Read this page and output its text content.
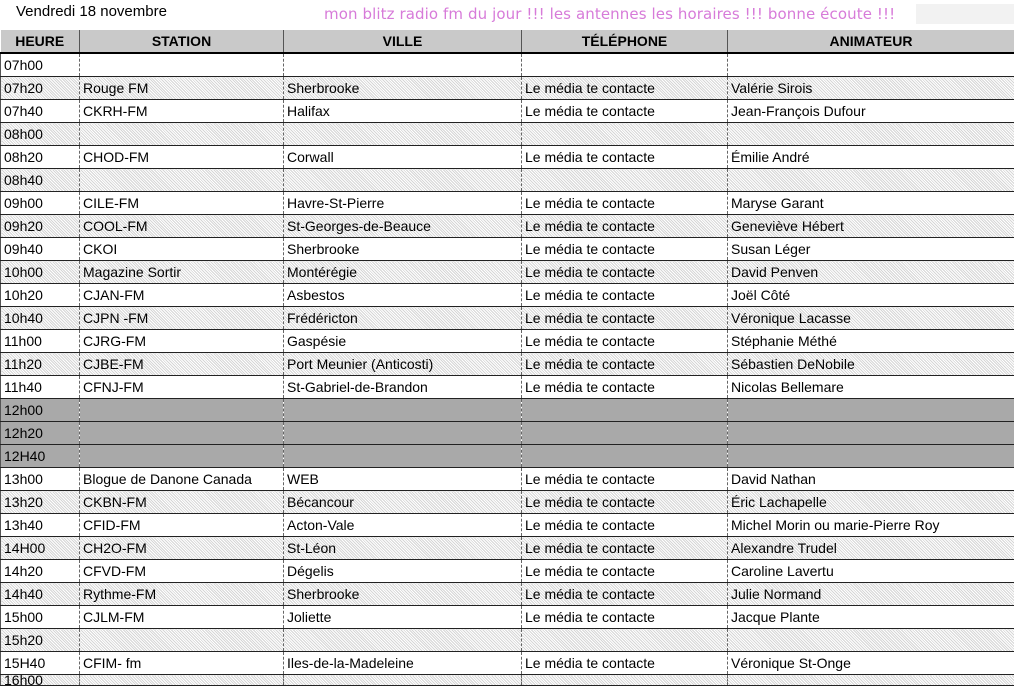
Vendredi 18 novembre	mon blitz radio fm du jour !!! les antennes les horaires !!! bonne écoute !!!
HEURE	STATION	VILLE	TÉLÉPHONE	ANIMATEUR
07h00				
07h20	Rouge FM	Sherbrooke	Le média te contacte	Valérie Sirois
07h40	CKRH-FM	Halifax	Le média te contacte	Jean-François Dufour
08h00				
08h20	CHOD-FM	Corwall	Le média te contacte	Émilie André
08h40				
09h00	CILE-FM	Havre-St-Pierre	Le média te contacte	Maryse Garant
09h20	COOL-FM	St-Georges-de-Beauce	Le média te contacte	Geneviève Hébert
09h40	CKOI	Sherbrooke	Le média te contacte	Susan Léger
10h00	Magazine Sortir	Montérégie	Le média te contacte	David Penven
10h20	CJAN-FM	Asbestos	Le média te contacte	Joël Côté
10h40	CJPN -FM	Frédéricton	Le média te contacte	Véronique Lacasse
11h00	CJRG-FM	Gaspésie	Le média te contacte	Stéphanie Méthé
11h20	CJBE-FM	Port Meunier (Anticosti)	Le média te contacte	Sébastien DeNobile
11h40	CFNJ-FM	St-Gabriel-de-Brandon	Le média te contacte	Nicolas Bellemare
12h00				
12h20				
12H40				
13h00	Blogue de Danone Canada	WEB	Le média te contacte	David Nathan
13h20	CKBN-FM	Bécancour	Le média te contacte	Éric Lachapelle
13h40	CFID-FM	Acton-Vale	Le média te contacte	Michel Morin ou marie-Pierre Roy
14H00	CH2O-FM	St-Léon	Le média te contacte	Alexandre Trudel
14h20	CFVD-FM	Dégelis	Le média te contacte	Caroline Lavertu
14h40	Rythme-FM	Sherbrooke	Le média te contacte	Julie Normand
15h00	CJLM-FM	Joliette	Le média te contacte	Jacque Plante
15h20				
15H40	CFIM- fm	Iles-de-la-Madeleine	Le média te contacte	Véronique St-Onge
16h00				
